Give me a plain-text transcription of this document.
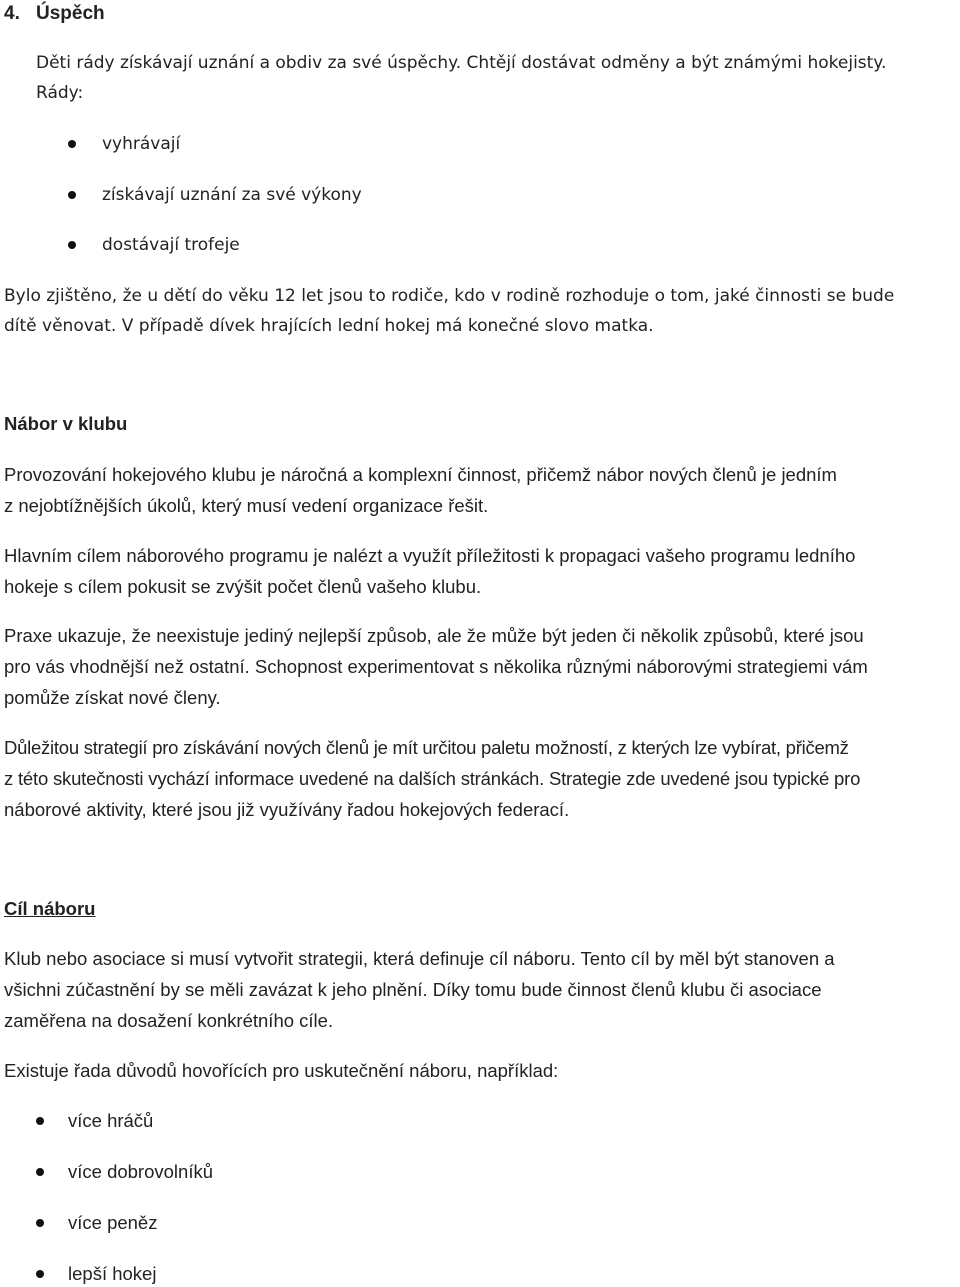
4. Úspěch
Děti rády získávají uznání a obdiv za své úspěchy. Chtějí dostávat odměny a být známými hokejisty.
Rády:
vyhrávají
získávají uznání za své výkony
dostávají trofeje
Bylo zjištěno, že u dětí do věku 12 let jsou to rodiče, kdo v rodině rozhoduje o tom, jaké činnosti se bude
dítě věnovat. V případě dívek hrajících lední hokej má konečné slovo matka.
Nábor v klubu
Provozování hokejového klubu je náročná a komplexní činnost, přičemž nábor nových členů je jedním
z nejobtížnějších úkolů, který musí vedení organizace řešit.
Hlavním cílem náborového programu je nalézt a využít příležitosti k propagaci vašeho programu ledního
hokeje s cílem pokusit se zvýšit počet členů vašeho klubu.
Praxe ukazuje, že neexistuje jediný nejlepší způsob, ale že může být jeden či několik způsobů, které jsou
pro vás vhodnější než ostatní. Schopnost experimentovat s několika různými náborovými strategiemi vám
pomůže získat nové členy.
Důležitou strategií pro získávání nových členů je mít určitou paletu možností, z kterých lze vybírat, přičemž
z této skutečnosti vychází informace uvedené na dalších stránkách. Strategie zde uvedené jsou typické pro
náborové aktivity, které jsou již využívány řadou hokejových federací.
Cíl náboru
Klub nebo asociace si musí vytvořit strategii, která definuje cíl náboru. Tento cíl by měl být stanoven a
všichni zúčastnění by se měli zavázat k jeho plnění. Díky tomu bude činnost členů klubu či asociace
zaměřena na dosažení konkrétního cíle.
Existuje řada důvodů hovořících pro uskutečnění náboru, například:
více hráčů
více dobrovolníků
více peněz
lepší hokej
